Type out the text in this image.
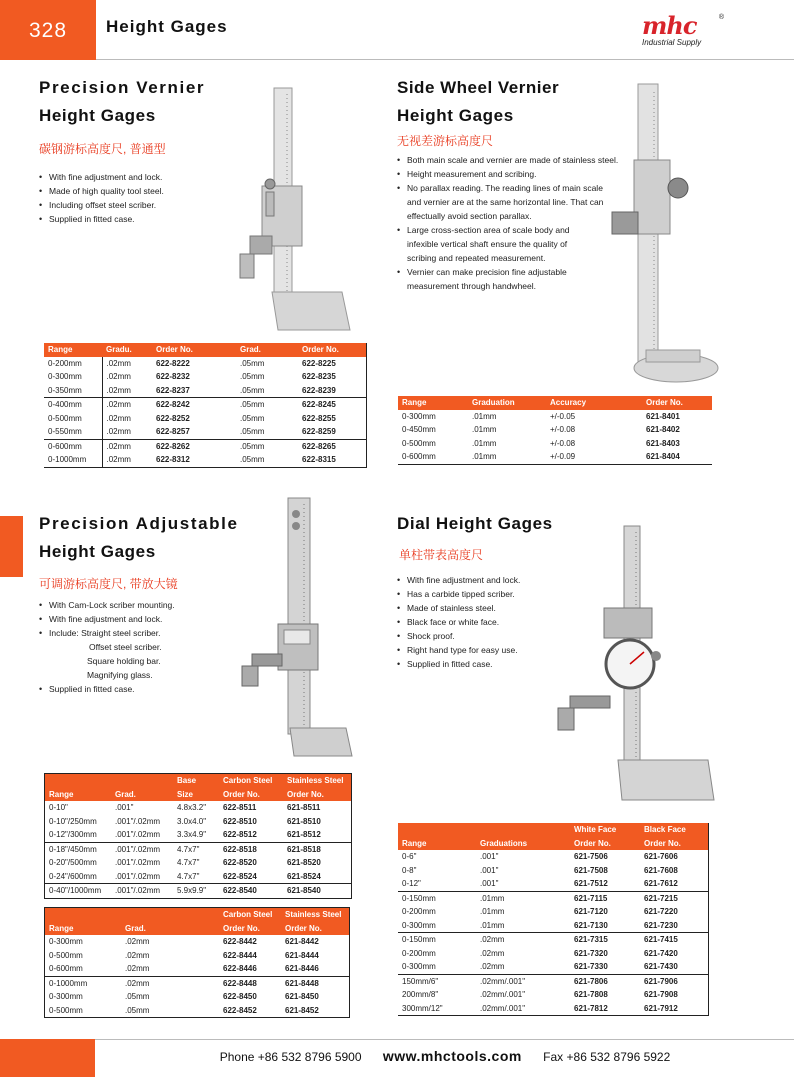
328	Height Gages	mhc
Industrial Supply
®
Precision Vernier
Height Gages
碳钢游标高度尺, 普通型
• With fine adjustment and lock.
• Made of high quality tool steel.
• Including offset steel scriber.
• Supplied in fitted case.
Range	Gradu.	Order No.	Grad.	Order No.
0-200mm	.02mm	622-8222	.05mm	622-8225
0-300mm	.02mm	622-8232	.05mm	622-8235
0-350mm	.02mm	622-8237	.05mm	622-8239
0-400mm	.02mm	622-8242	.05mm	622-8245
0-500mm	.02mm	622-8252	.05mm	622-8255
0-550mm	.02mm	622-8257	.05mm	622-8259
0-600mm	.02mm	622-8262	.05mm	622-8265
0-1000mm	.02mm	622-8312	.05mm	622-8315
Side Wheel Vernier
Height Gages
无视差游标高度尺
• Both main scale and vernier are made of stainless steel.
• Height measurement and scribing.
• No parallax reading. The reading lines of main scale
and vernier are at the same horizontal line. That can
effectually avoid section parallax.
• Large cross-section area of scale body and
infexible vertical shaft ensure the quality of
scribing and repeated measurement.
• Vernier can make precision fine adjustable
measurement through handwheel.
Range	Graduation	Accuracy	Order No.
0-300mm	.01mm	+/-0.05	621-8401
0-450mm	.01mm	+/-0.08	621-8402
0-500mm	.01mm	+/-0.08	621-8403
0-600mm	.01mm	+/-0.09	621-8404
Precision Adjustable
Height Gages
可调游标高度尺, 带放大镜
• With Cam-Lock scriber mounting.
• With fine adjustment and lock.
• Include: Straight steel scriber.
Offset steel scriber.
Square holding bar.
Magnifying glass.
• Supplied in fitted case.
		Base	Carbon Steel	Stainless Steel
Range	Grad.	Size	Order No.	Order No.
0-10"	.001"	4.8x3.2"	622-8511	621-8511
0-10"/250mm	.001"/.02mm	3.0x4.0"	622-8510	621-8510
0-12"/300mm	.001"/.02mm	3.3x4.9"	622-8512	621-8512
0-18"/450mm	.001"/.02mm	4.7x7"	622-8518	621-8518
0-20"/500mm	.001"/.02mm	4.7x7"	622-8520	621-8520
0-24"/600mm	.001"/.02mm	4.7x7"	622-8524	621-8524
0-40"/1000mm	.001"/.02mm	5.9x9.9"	622-8540	621-8540
		Carbon Steel	Stainless Steel
Range	Grad.	Order No.	Order No.
0-300mm	.02mm	622-8442	621-8442
0-500mm	.02mm	622-8444	621-8444
0-600mm	.02mm	622-8446	621-8446
0-1000mm	.02mm	622-8448	621-8448
0-300mm	.05mm	622-8450	621-8450
0-500mm	.05mm	622-8452	621-8452
Dial Height Gages
单柱带表高度尺
• With fine adjustment and lock.
• Has a carbide tipped scriber.
• Made of stainless steel.
• Black face or white face.
• Shock proof.
• Right hand type for easy use.
• Supplied in fitted case.
		White Face	Black Face
Range	Graduations	Order No.	Order No.
0-6"	.001"	621-7506	621-7606
0-8"	.001"	621-7508	621-7608
0-12"	.001"	621-7512	621-7612
0-150mm	.01mm	621-7115	621-7215
0-200mm	.01mm	621-7120	621-7220
0-300mm	.01mm	621-7130	621-7230
0-150mm	.02mm	621-7315	621-7415
0-200mm	.02mm	621-7320	621-7420
0-300mm	.02mm	621-7330	621-7430
150mm/6"	.02mm/.001"	621-7806	621-7906
200mm/8"	.02mm/.001"	621-7808	621-7908
300mm/12"	.02mm/.001"	621-7812	621-7912
Phone +86 532 8796 5900 www.mhctools.com Fax +86 532 8796 5922
